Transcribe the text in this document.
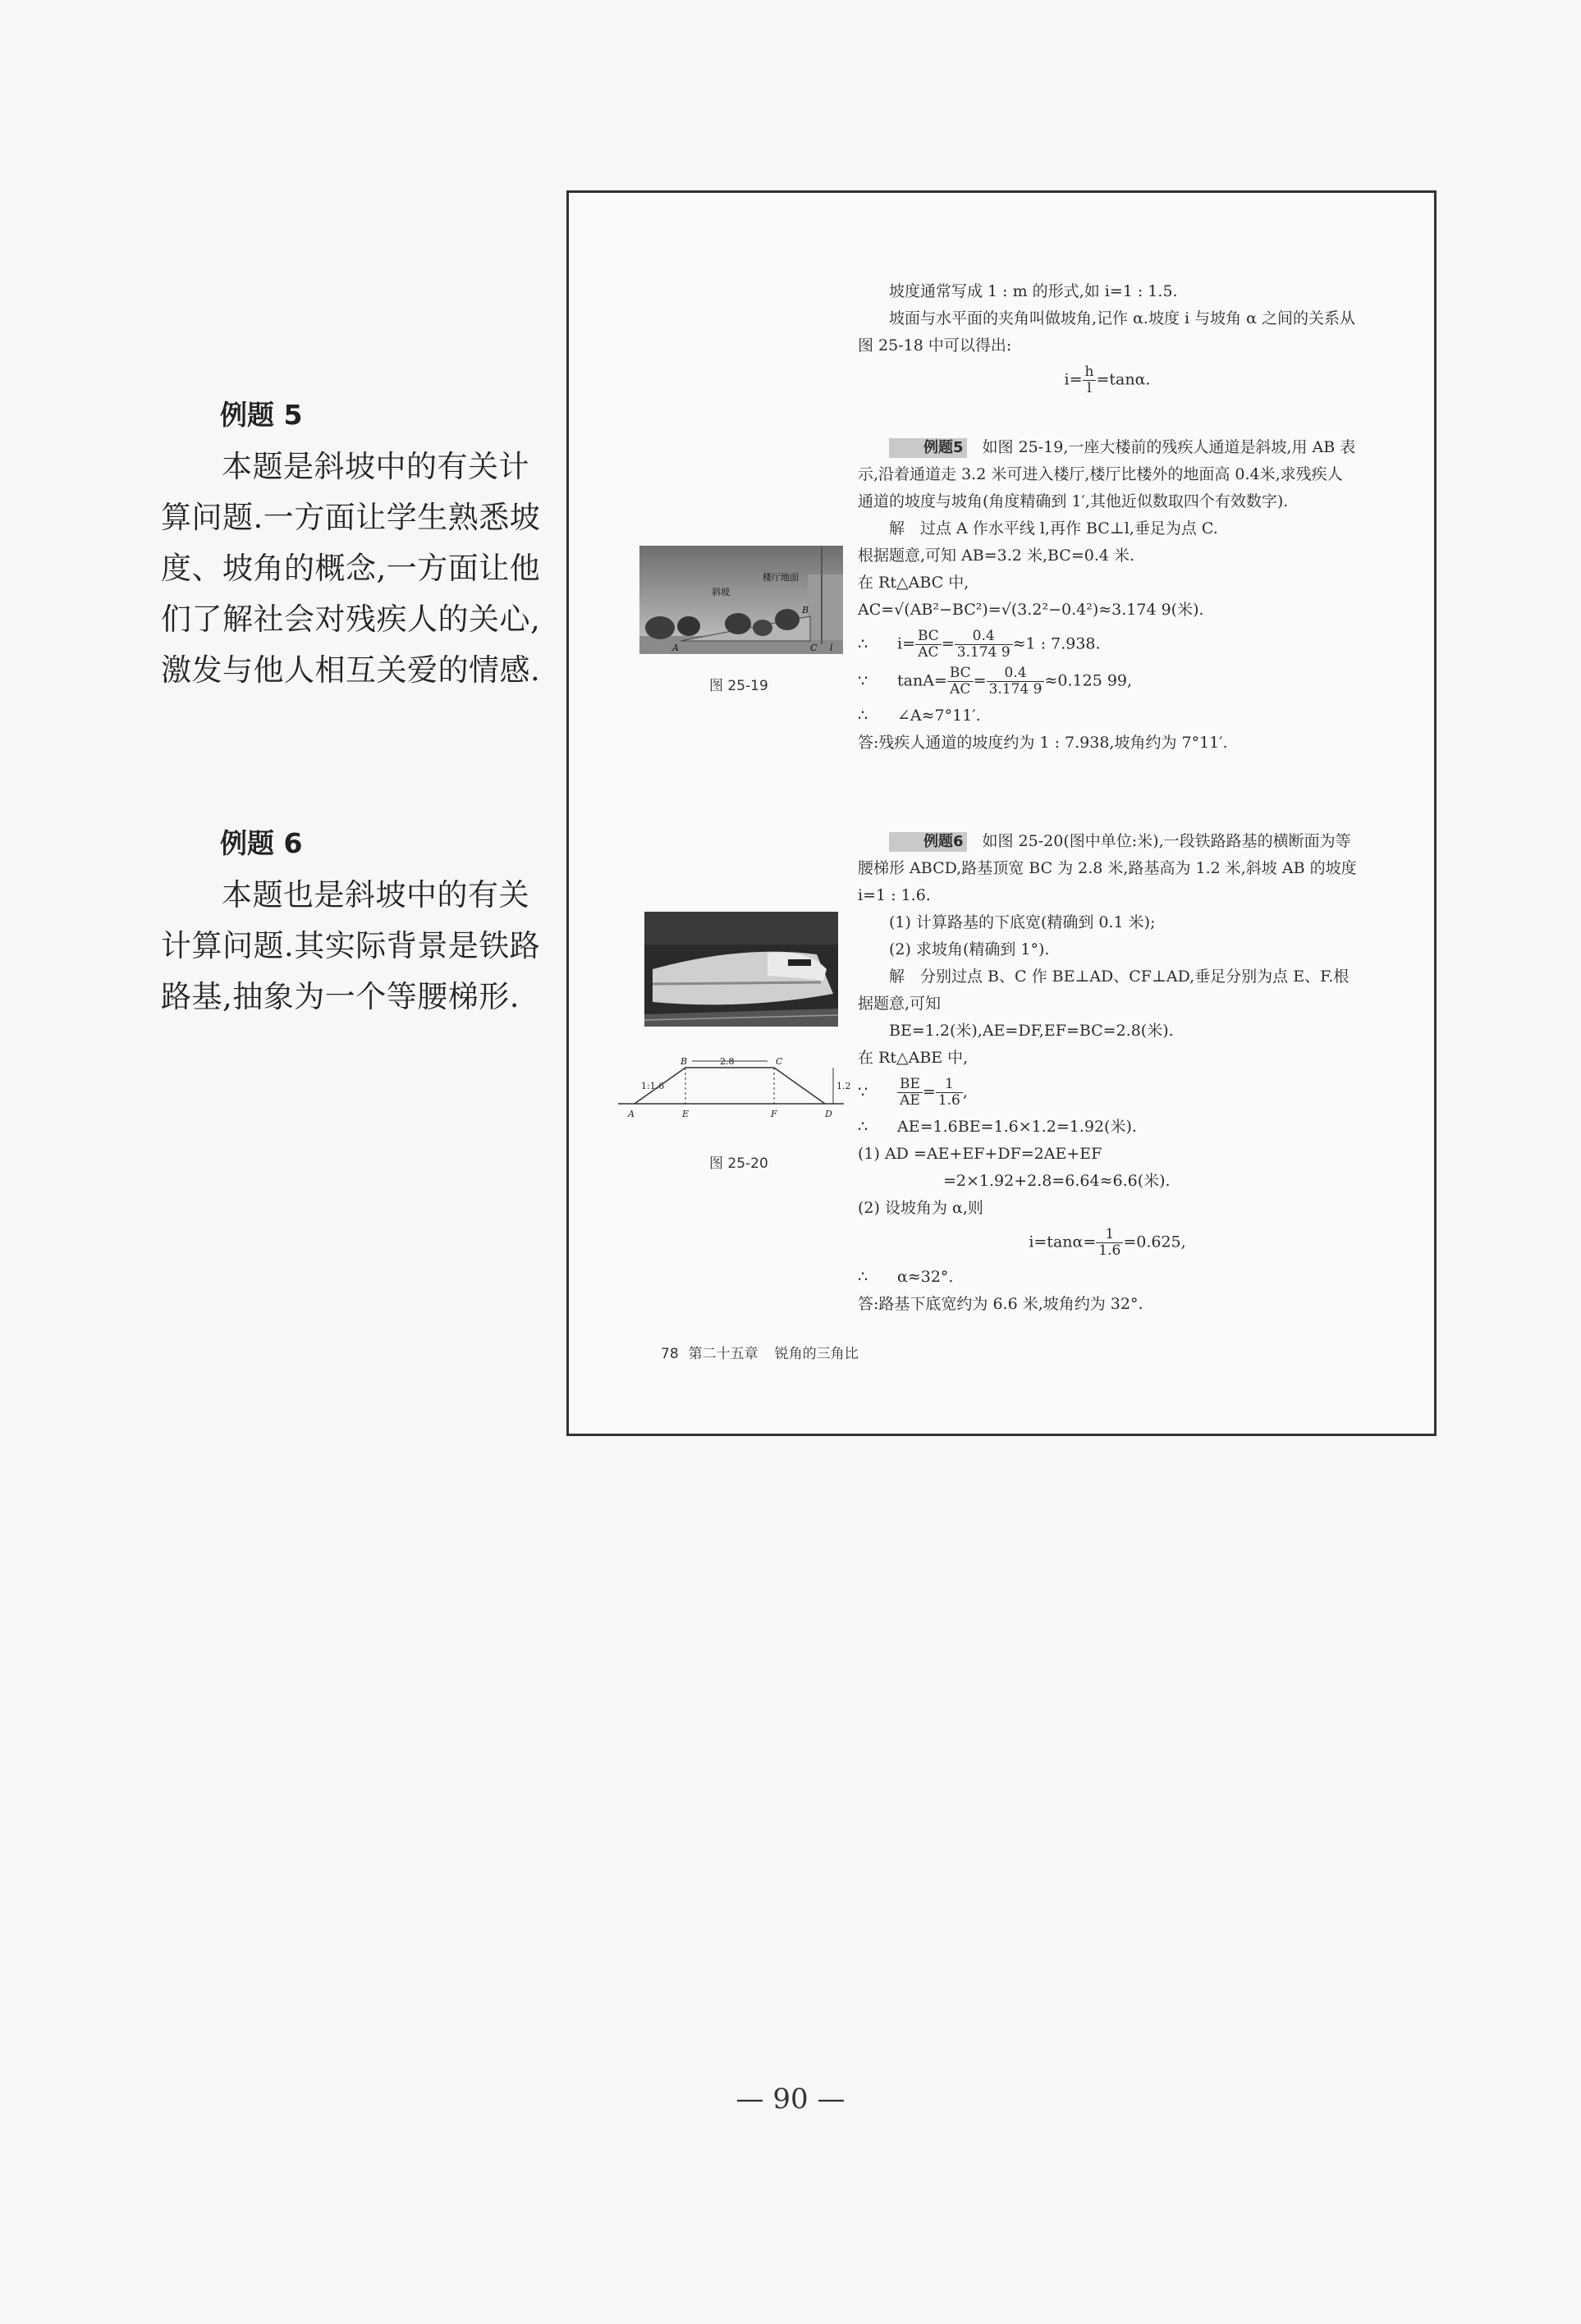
例题 5

本题是斜坡中的有关计算问题.一方面让学生熟悉坡度、坡角的概念,一方面让他们了解社会对残疾人的关心,激发与他人相互关爱的情感.

例题 6

本题也是斜坡中的有关计算问题.其实际背景是铁路路基,抽象为一个等腰梯形.

坡度通常写成 1 : m 的形式,如 i=1 : 1.5.

坡面与水平面的夹角叫做坡角,记作 α.坡度 i 与坡角 α 之间的关系从图 25-18 中可以得出:

$i= \frac{h}{l} =\tan\alpha$.

例题5　 如图 25-19,一座大楼前的残疾人通道是斜坡,用 AB 表示,沿着通道走 3.2 米可进入楼厅,楼厅比楼外的地面高 0.4米,求残疾人通道的坡度与坡角(角度精确到 1′,其他近似数取四个有效数字).

解　过点 A 作水平线 l,再作 BC⊥l,垂足为点 C.

根据题意,可知 AB=3.2 米,BC=0.4 米.

在 Rt△ABC 中,

AC=√(AB²−BC²)=√(3.2²−0.4²)≈3.174 9(米).

∴ $i= \frac{BC}{AC} = \frac{0.4}{3.174 9} \approx 1$ : 7.938.

∵ $\tan A= \frac{BC}{AC} = \frac{0.4}{3.174 9} \approx 0.125$ 99,

∴ ∠A≈7°11′.

答:残疾人通道的坡度约为 1 : 7.938,坡角约为 7°11′.

斜坡
楼厅地面
A
B
C l
图 25-19

例题6　 如图 25-20(图中单位:米),一段铁路路基的横断面为等腰梯形 ABCD,路基顶宽 BC 为 2.8 米,路基高为 1.2 米,斜坡 AB 的坡度i=1 : 1.6.

(1) 计算路基的下底宽(精确到 0.1 米);

(2) 求坡角(精确到 1°).

解　分别过点 B、C 作 BE⊥AD、CF⊥AD,垂足分别为点 E、F.根据题意,可知

BE=1.2(米),AE=DF,EF=BC=2.8(米).

在 Rt△ABE 中,

∵ $\frac{BE}{AE} = \frac{1}{1.6}$ ,

∴ AE=1.6BE=1.6×1.2=1.92(米).

(1) AD =AE+EF+DF=2AE+EF

=2×1.92+2.8=6.64≈6.6(米).

(2) 设坡角为 α,则

$i=\tan\alpha= \frac{1}{1.6} =0.625$,

∴ α≈32°.

答:路基下底宽约为 6.6 米,坡角约为 32°.

2.8
1.2
1:1.6
A
B	C
D
E	F
图 25-20
78 第二十五章 锐角的三角比
— 90 —
